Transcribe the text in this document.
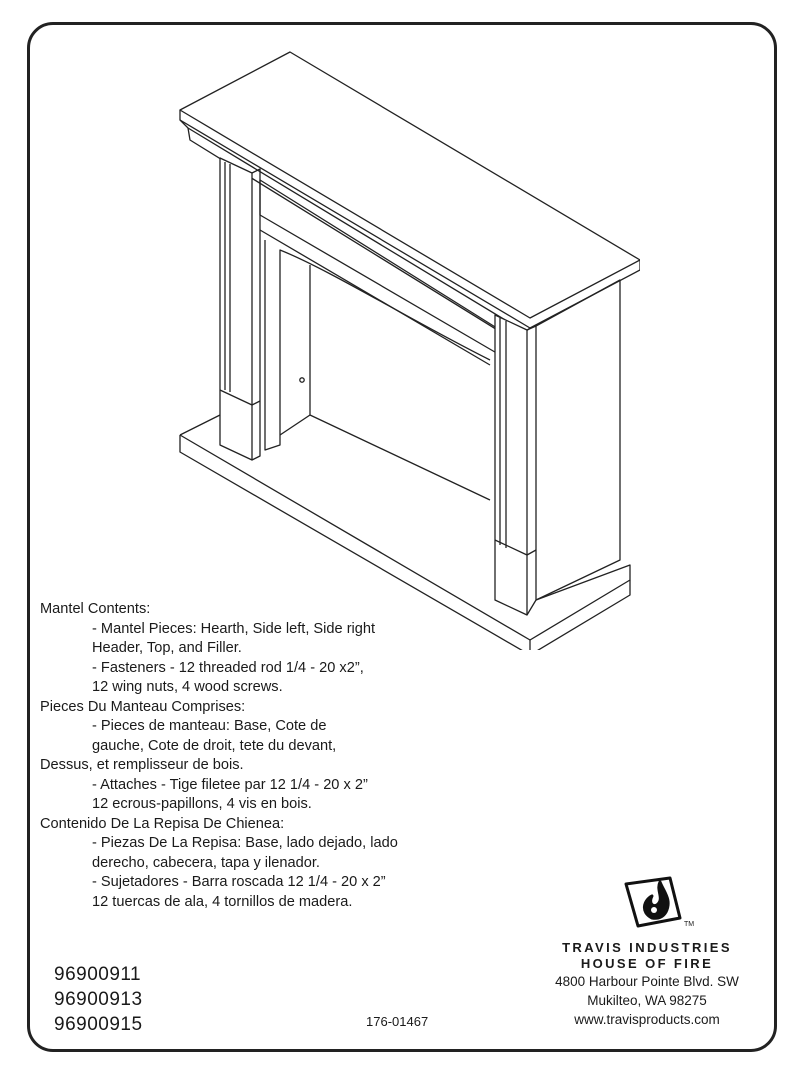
Mantel Contents:

- Mantel Pieces: Hearth, Side left, Side right

Header, Top, and Filler.

- Fasteners - 12 threaded rod 1/4 - 20 x2”,

12 wing nuts, 4 wood screws.

Pieces Du Manteau Comprises:

- Pieces de manteau: Base, Cote de

gauche, Cote de droit, tete du devant,

Dessus, et remplisseur de bois.

- Attaches - Tige filetee par 12 1/4 - 20 x 2”

12 ecrous-papillons, 4 vis en bois.

Contenido De La Repisa De Chienea:

- Piezas De La Repisa: Base, lado dejado, lado

derecho, cabecera, tapa y ilenador.

- Sujetadores - Barra roscada 12 1/4 - 20 x 2”

12 tuercas de ala, 4 tornillos de madera.

96900911
96900913
96900915	176-01467
TM
TRAVIS INDUSTRIES
HOUSE OF FIRE
4800 Harbour Pointe Blvd. SW
Mukilteo, WA 98275
www.travisproducts.com
